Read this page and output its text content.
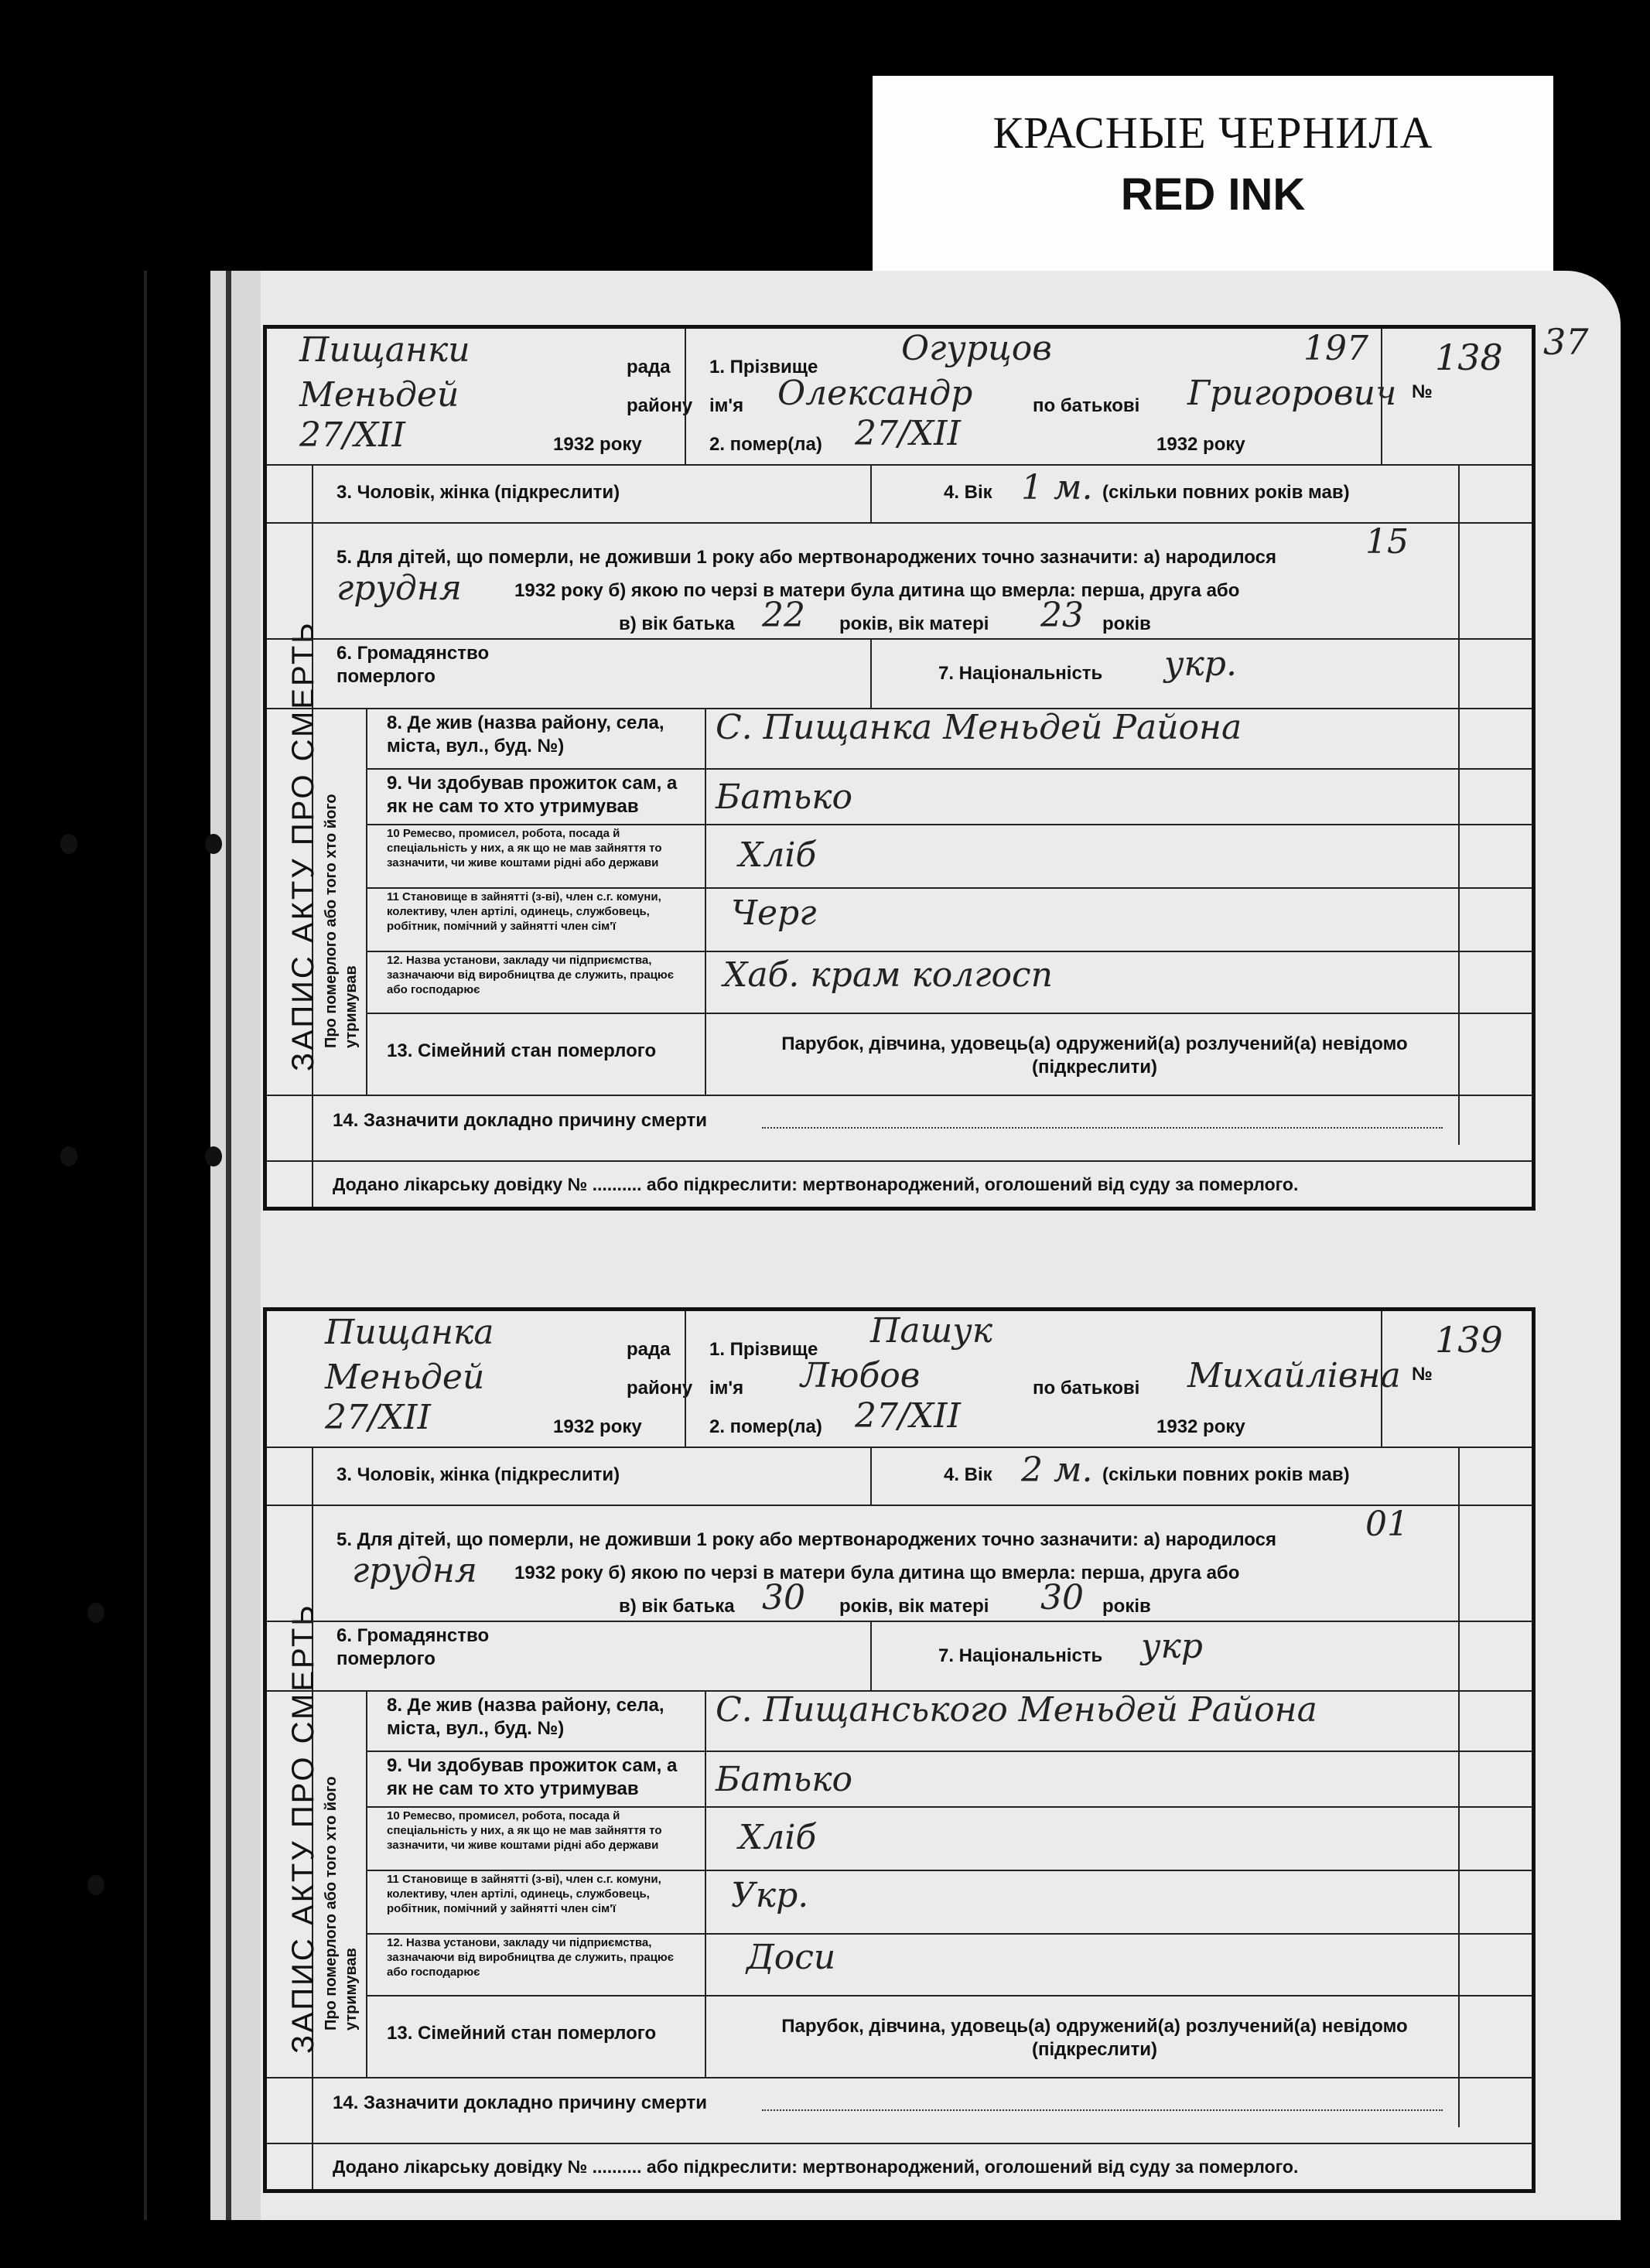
КРАСНЫЕ ЧЕРНИЛА
RED INK
37
Пищанки	рада
Меньдей	району
27/XII	1932 року
1. Прізвище Огурцов	197
ім'я Олександр	по батькові Григорович
2. помер(ла) 27/XII	1932 року
№
138
ЗАПИС АКТУ ПРО СМЕРТЬ
3. Чоловік, жінка (підкреслити)	4. Вік 1 м. (скільки повних років мав)
5. Для дітей, що померли, не доживши 1 року або мертвонароджених точно зазначити: а) народилося	15
грудня	1932 року б) якою по черзі в матери була дитина що вмерла: перша, друга або
в) вік батька 22 років, вік матері 23 років
6. Громадянство померлого	7. Національність укр.
Про померлого або того хто його утримував
8. Де жив (назва району, села, міста, вул., буд. №)	С. Пищанка Меньдей Района
9. Чи здобував прожиток сам, а як не сам то хто утримував	Батько
10 Ремесво, промисел, робота, посада й спеціальність у них, а як що не мав зайняття то зазначити, чи живе коштами рідні або держави	Хліб
11 Становище в зайнятті (з-ві), член с.г. комуни, колективу, член артілі, одинець, службовець, робітник, помічний у зайнятті член сім'ї	Черг
12. Назва установи, закладу чи підприємства, зазначаючи від виробництва де служить, працює або господарює	Хаб. крам колгосп
13. Сімейний стан померлого	Парубок, дівчина, удовець(а) одружений(а) розлучений(а) невідомо (підкреслити)
14. Зазначити докладно причину смерти
Додано лікарську довідку № .......... або підкреслити: мертвонароджений, оголошений від суду за померлого.
Пищанка	рада
Меньдей	району
27/XII	1932 року
1. Прізвище Пашук
ім'я Любов	по батькові Михайлівна
2. помер(ла) 27/XII	1932 року
№
139
ЗАПИС АКТУ ПРО СМЕРТЬ
3. Чоловік, жінка (підкреслити)	4. Вік 2 м. (скільки повних років мав)
5. Для дітей, що померли, не доживши 1 року або мертвонароджених точно зазначити: а) народилося	01
грудня 1932 року б) якою по черзі в матери була дитина що вмерла: перша, друга або
в) вік батька 30 років, вік матері 30 років
6. Громадянство померлого	7. Національність укр
Про померлого або того хто його утримував
8. Де жив (назва району, села, міста, вул., буд. №)	С. Пищанського Меньдей Района
9. Чи здобував прожиток сам, а як не сам то хто утримував	Батько
10 Ремесво, промисел, робота, посада й спеціальність у них, а як що не мав зайняття то зазначити, чи живе коштами рідні або держави	Хліб
11 Становище в зайнятті (з-ві), член с.г. комуни, колективу, член артілі, одинець, службовець, робітник, помічний у зайнятті член сім'ї	Укр.
12. Назва установи, закладу чи підприємства, зазначаючи від виробництва де служить, працює або господарює	Доси
13. Сімейний стан померлого	Парубок, дівчина, удовець(а) одружений(а) розлучений(а) невідомо (підкреслити)
14. Зазначити докладно причину смерти
Додано лікарську довідку № .......... або підкреслити: мертвонароджений, оголошений від суду за померлого.
